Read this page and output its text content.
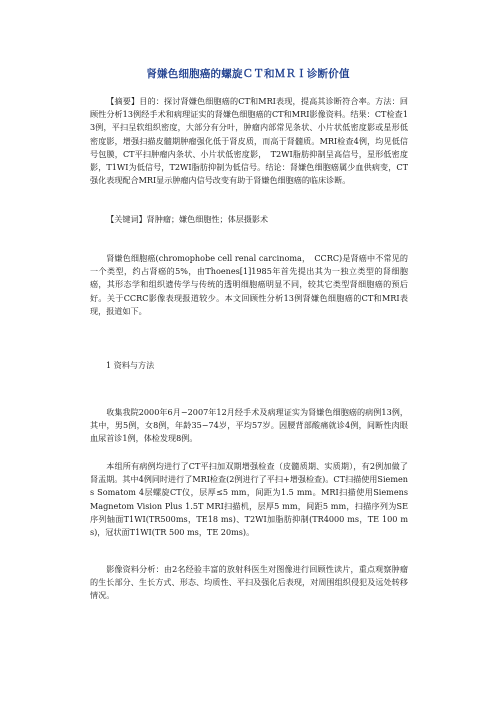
肾嫌色细胞癌的螺旋ＣＴ和ＭＲＩ诊断价值

【摘要】目的：探讨肾嫌色细胞癌的CT和MRI表现，提高其诊断符合率。方法：回顾性分析13例经手术和病理证实的肾嫌色细胞癌的CT和MRI影像资料。结果：CT检查13例，平扫呈软组织密度，大部分有分叶，肿瘤内部常见条状、小片状低密度影或星形低密度影，增强扫描皮髓期肿瘤强化低于肾皮质，而高于肾髓质。MRI检查4例，均见低信号包膜，CT平扫肿瘤内条状、小片状低密度影，　T2WI脂肪抑制呈高信号，星形低密度影，T1WI为低信号，T2WI脂肪抑制为低信号。结论：肾嫌色细胞癌属少血供病变，CT强化表现配合MRI显示肿瘤内信号改变有助于肾嫌色细胞癌的临床诊断。

【关键词】肾肿瘤；嫌色细胞性；体层摄影术

肾嫌色细胞癌(chromophobe cell renal carcinoma，　CCRC)是肾癌中不常见的一个类型，约占肾癌的5%，由Thoenes[1]1985年首先提出其为一独立类型的肾细胞癌，其形态学和组织遗传学与传统的透明细胞癌明显不同，较其它类型肾细胞癌的预后好。关于CCRC影像表现报道较少。本文回顾性分析13例肾嫌色细胞癌的CT和MRI表现，报道如下。

1 资料与方法

收集我院2000年6月−2007年12月经手术及病理证实为肾嫌色细胞癌的病例13例，其中，男5例，女8例，年龄35−74岁，平均57岁。因腰背部酸痛就诊4例，间断性肉眼血尿首诊1例，体检发现8例。

本组所有病例均进行了CT平扫加双期增强检查（皮髓质期、实质期），有2例加做了肾盂期。其中4例同时进行了MRI检查(2例进行了平扫+增强检查)。CT扫描使用Siemens Somatom 4层螺旋CT仪，层厚≤5 mm，间距为1.5 mm。MRI扫描使用Siemens Magnetom Vision Plus 1.5T MRI扫描机，层厚5 mm，间距5 mm，扫描序列为SE序列轴面T1WI(TR500ms，TE18 ms)、T2WI加脂肪抑制(TR4000 ms，TE 100 ms)，冠状面T1WI(TR 500 ms，TE 20ms)。

影像资料分析：由2名经验丰富的放射科医生对图像进行回顾性读片，重点观察肿瘤的生长部分、生长方式、形态、均质性、平扫及强化后表现，对周围组织侵犯及远处转移情况。
